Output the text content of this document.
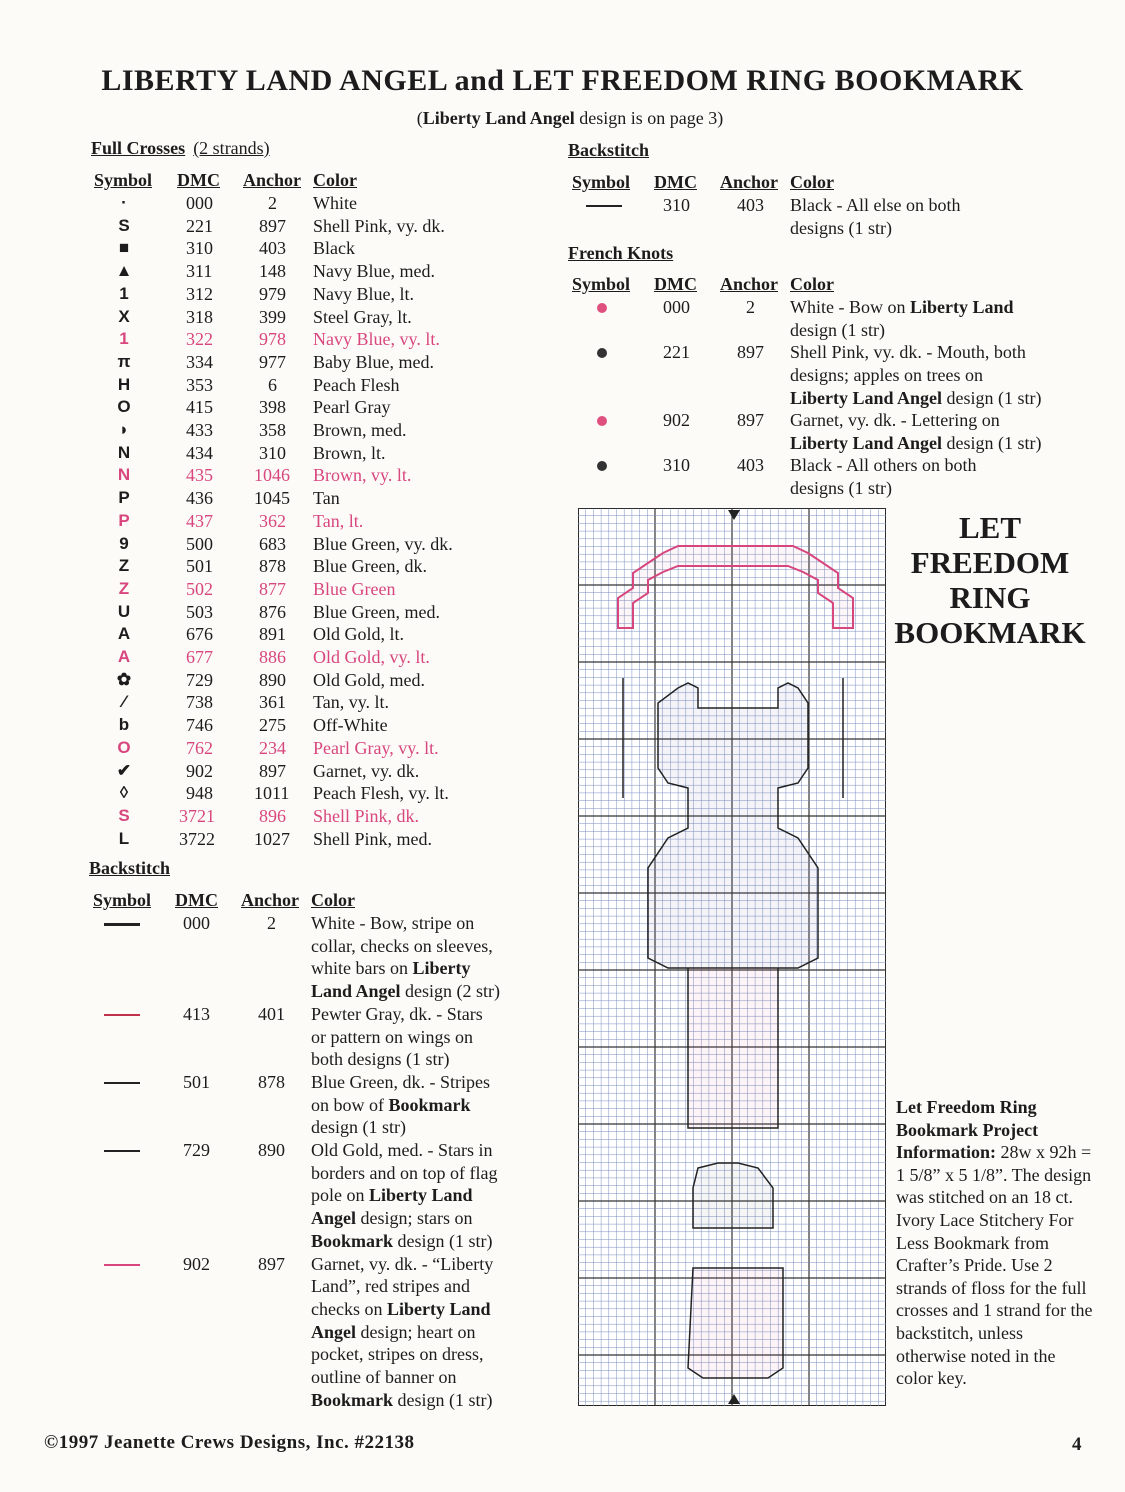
LIBERTY LAND ANGEL and LET FREEDOM RING BOOKMARK
(Liberty Land Angel design is on page 3)
Full Crosses (2 strands)
Symbol DMC Anchor Color
·	000	2 White
S	221	897 Shell Pink, vy. dk.
■	310	403 Black
▲	311	148 Navy Blue, med.
1	312	979 Navy Blue, lt.
X	318	399 Steel Gray, lt.
1	322	978 Navy Blue, vy. lt.
π	334	977 Baby Blue, med.
H	353	6 Peach Flesh
O	415	398 Pearl Gray
◗	433	358 Brown, med.
N	434	310 Brown, lt.
N	435 1046 Brown, vy. lt.
P	436 1045 Tan
P	437	362 Tan, lt.
9	500	683 Blue Green, vy. dk.
Z	501	878 Blue Green, dk.
Z	502	877 Blue Green
U	503	876 Blue Green, med.
A	676	891 Old Gold, lt.
A	677	886 Old Gold, vy. lt.
✿	729	890 Old Gold, med.
⁄	738	361 Tan, vy. lt.
b	746	275 Off-White
O	762	234 Pearl Gray, vy. lt.
✔	902	897 Garnet, vy. dk.
◊	948 1011 Peach Flesh, vy. lt.
S	3721 896 Shell Pink, dk.
L	3722 1027 Shell Pink, med.
Backstitch
Symbol DMC Anchor Color
000	2 White - Bow, stripe on
collar, checks on sleeves,
white bars on Liberty
Land Angel design (2 str)
413	401 Pewter Gray, dk. - Stars
or pattern on wings on
both designs (1 str)
501	878 Blue Green, dk. - Stripes
on bow of Bookmark
design (1 str)
729	890 Old Gold, med. - Stars in
borders and on top of flag
pole on Liberty Land
Angel design; stars on
Bookmark design (1 str)
902	897 Garnet, vy. dk. - “Liberty
Land”, red stripes and
checks on Liberty Land
Angel design; heart on
pocket, stripes on dress,
outline of banner on
Bookmark design (1 str)
Backstitch
Symbol DMC Anchor Color
310	403 Black - All else on both
designs (1 str)
French Knots
Symbol DMC Anchor Color
000	2 White - Bow on Liberty Land
design (1 str)
221	897 Shell Pink, vy. dk. - Mouth, both
designs; apples on trees on
Liberty Land Angel design (1 str)
902	897 Garnet, vy. dk. - Lettering on
Liberty Land Angel design (1 str)
310	403 Black - All others on both
designs (1 str)
LET
FREEDOM
RING
BOOKMARK
Let Freedom Ring Bookmark Project Information: 28w x 92h = 1 5/8” x 5 1/8”. The design was stitched on an 18 ct. Ivory Lace Stitchery For Less Bookmark from Crafter’s Pride. Use 2 strands of floss for the full crosses and 1 strand for the backstitch, unless otherwise noted in the color key.
©1997 Jeanette Crews Designs, Inc. #22138	4
